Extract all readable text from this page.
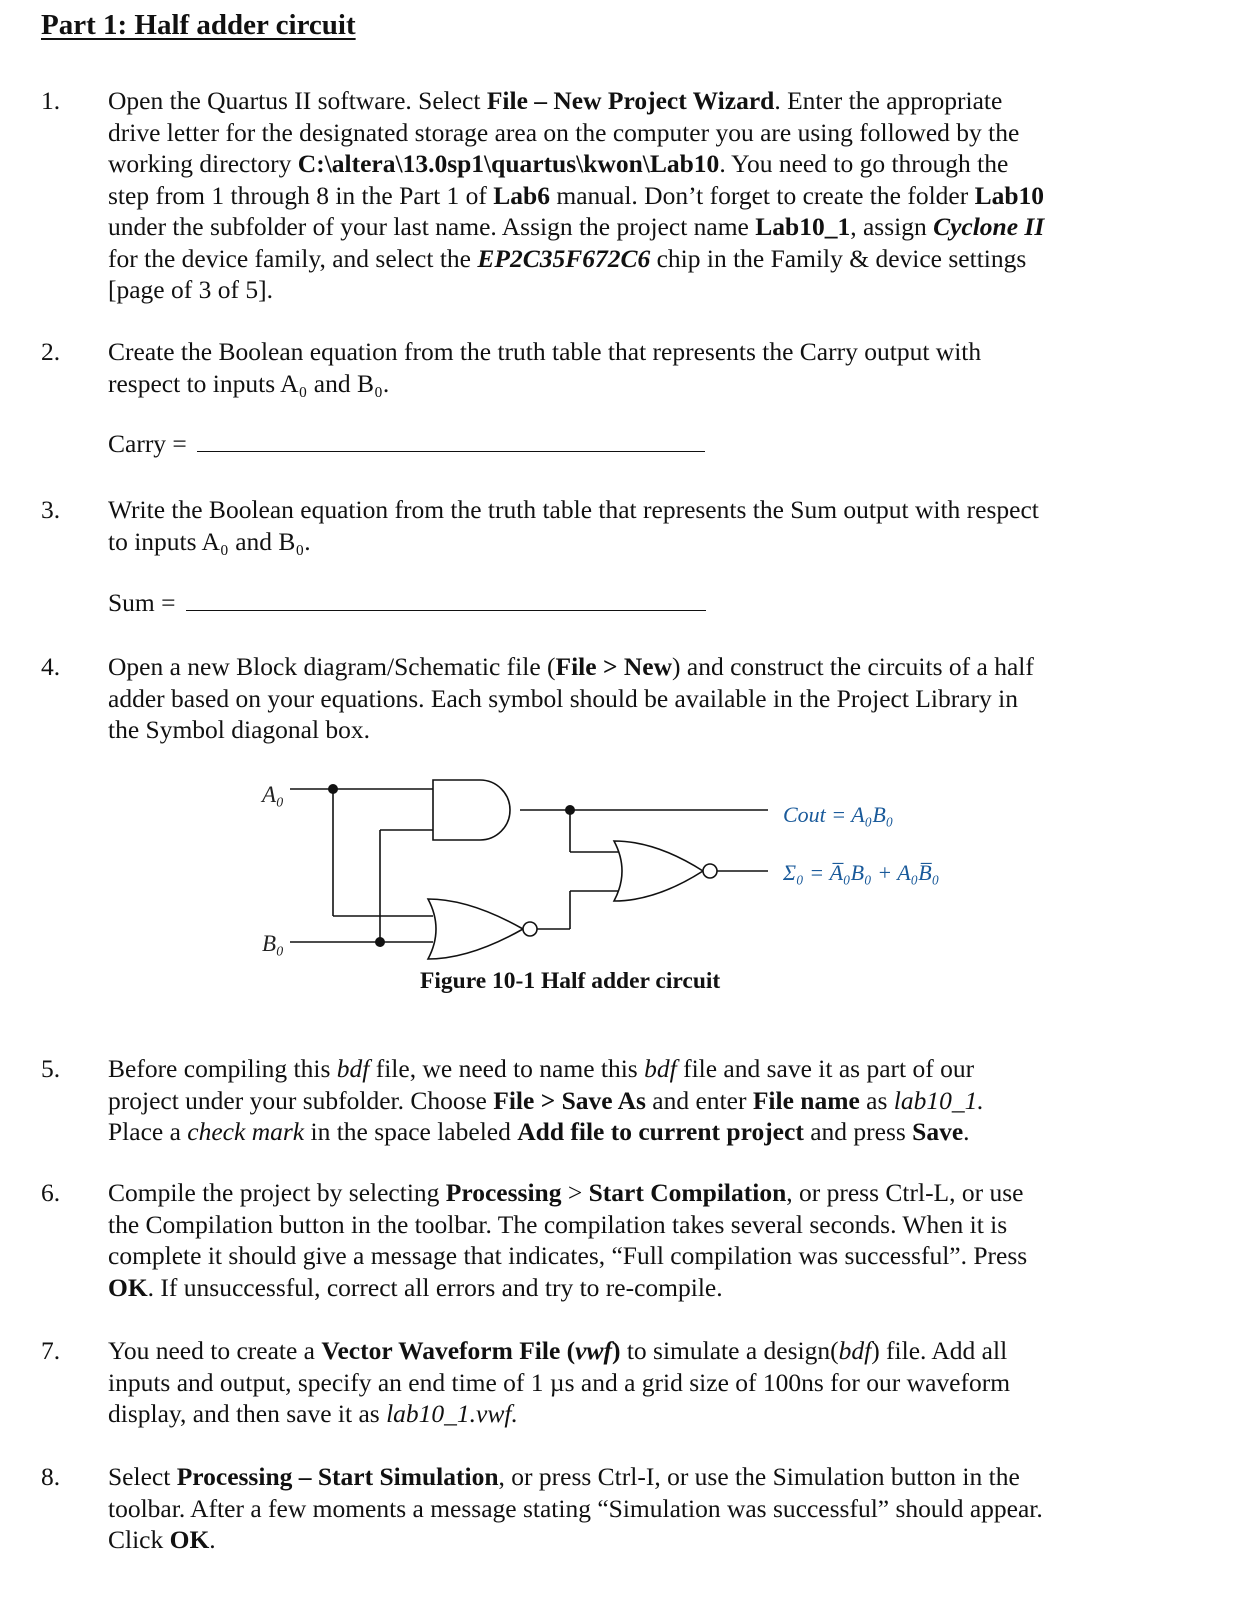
Part 1: Half adder circuit
1. Open the Quartus II software. Select File – New Project Wizard. Enter the appropriate
drive letter for the designated storage area on the computer you are using followed by the
working directory C:\altera\13.0sp1\quartus\kwon\Lab10. You need to go through the
step from 1 through 8 in the Part 1 of Lab6 manual. Don’t forget to create the folder Lab10
under the subfolder of your last name. Assign the project name Lab10_1, assign Cyclone II
for the device family, and select the EP2C35F672C6 chip in the Family & device settings
[page of 3 of 5].
2. Create the Boolean equation from the truth table that represents the Carry output with
respect to inputs A₀ and B₀.
Carry =
3. Write the Boolean equation from the truth table that represents the Sum output with respect
to inputs A₀ and B₀.
Sum =
4. Open a new Block diagram/Schematic file (File > New) and construct the circuits of a half
adder based on your equations. Each symbol should be available in the Project Library in
the Symbol diagonal box.
A₀
B₀
Cout = A₀B₀
Σ₀ = A̅₀B₀ + A₀B̅₀
Figure 10-1 Half adder circuit
5. Before compiling this bdf file, we need to name this bdf file and save it as part of our
project under your subfolder. Choose File > Save As and enter File name as lab10_1.
Place a check mark in the space labeled Add file to current project and press Save.
6. Compile the project by selecting Processing > Start Compilation, or press Ctrl-L, or use
the Compilation button in the toolbar. The compilation takes several seconds. When it is
complete it should give a message that indicates, “Full compilation was successful”. Press
OK. If unsuccessful, correct all errors and try to re-compile.
7. You need to create a Vector Waveform File (vwf) to simulate a design(bdf) file. Add all
inputs and output, specify an end time of 1 µs and a grid size of 100ns for our waveform
display, and then save it as lab10_1.vwf.
8. Select Processing – Start Simulation, or press Ctrl-I, or use the Simulation button in the
toolbar. After a few moments a message stating “Simulation was successful” should appear.
Click OK.
